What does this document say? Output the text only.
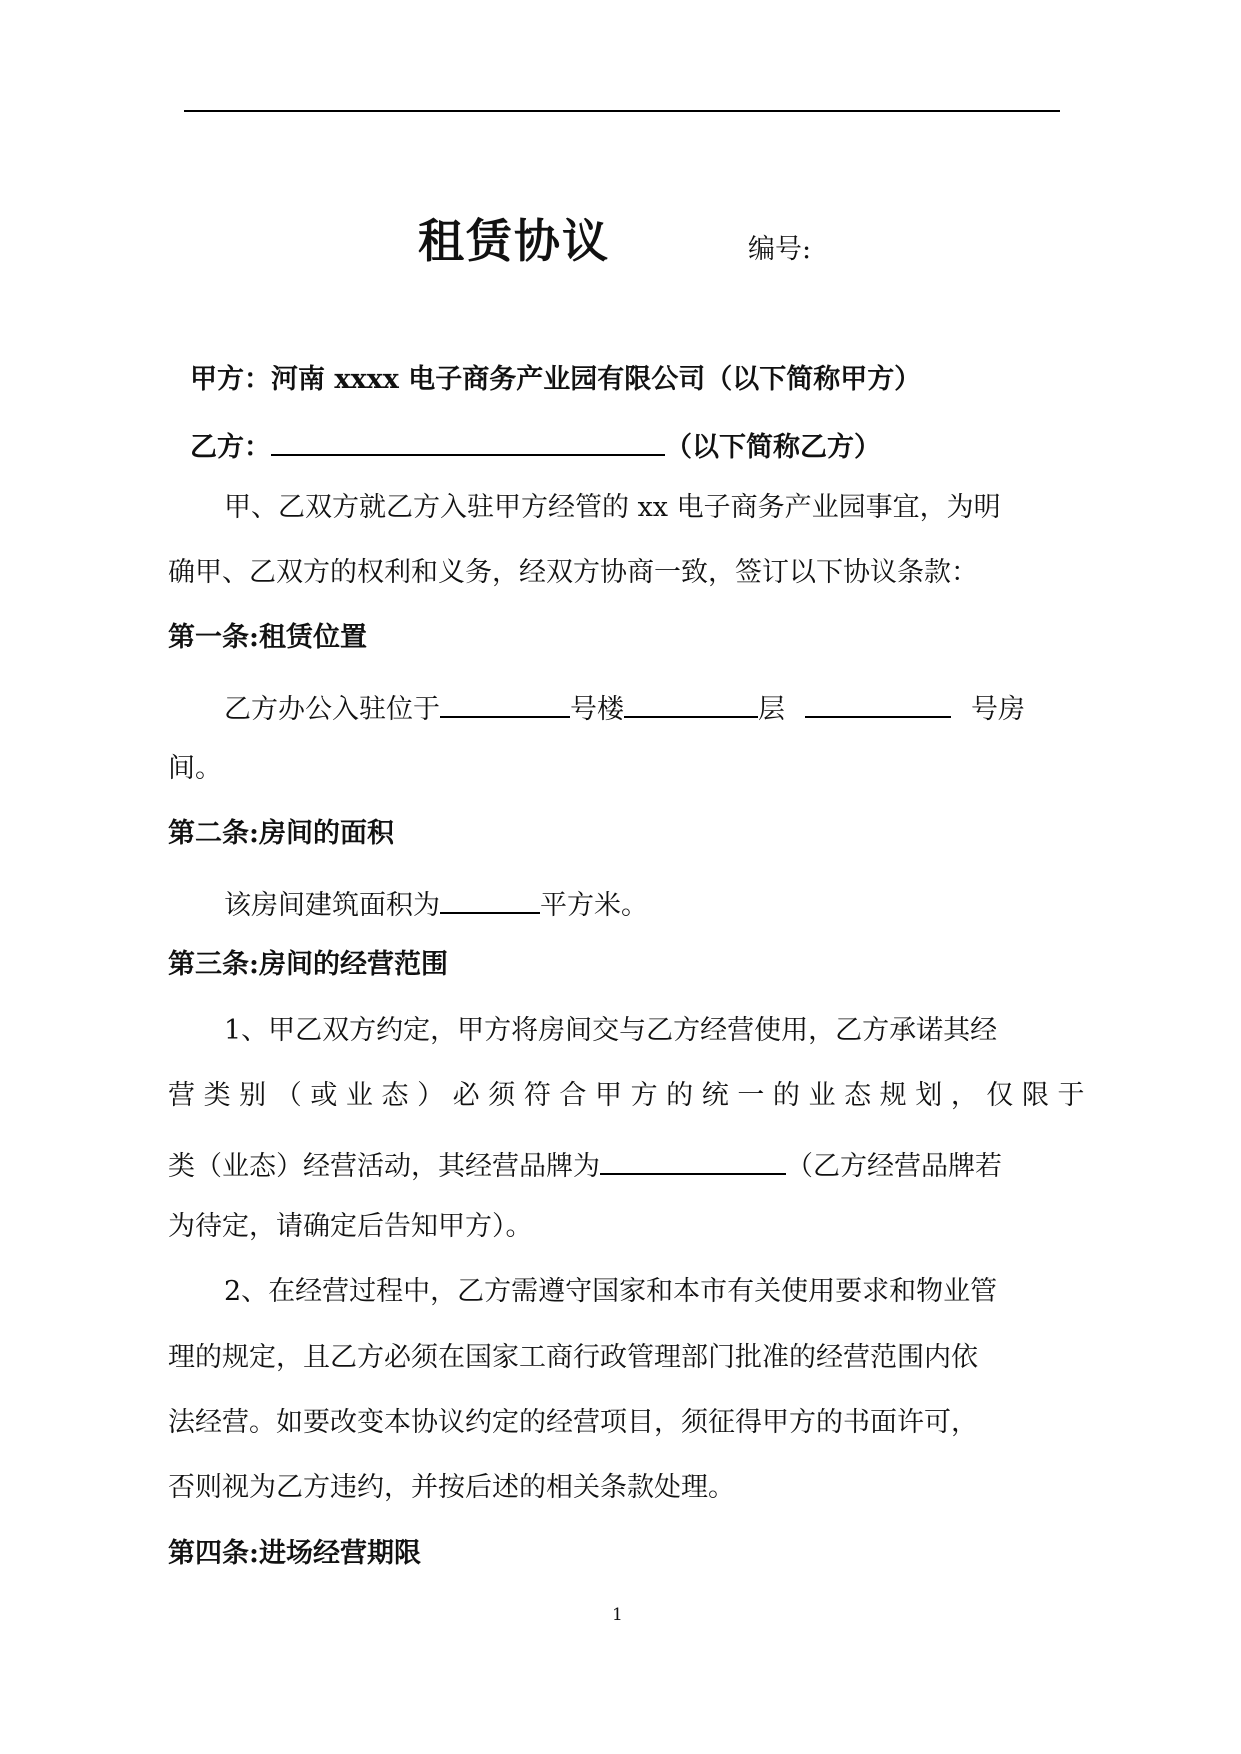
租赁协议	编号:
甲方：河南 xxxx 电子商务产业园有限公司（以下简称甲方）
乙方：	（以下简称乙方）
甲、乙双方就乙方入驻甲方经管的 xx 电子商务产业园事宜，为明
确甲、乙双方的权利和义务，经双方协商一致，签订以下协议条款：
第一条:租赁位置
乙方办公入驻位于	号楼	层	号房
间。
第二条:房间的面积
该房间建筑面积为	平方米。
第三条:房间的经营范围
1、甲乙双方约定，甲方将房间交与乙方经营使用，乙方承诺其经
营 类 别 （ 或 业 态 ） 必 须 符 合 甲 方 的 统 一 的 业 态 规 划 ， 仅 限 于
类（业态）经营活动，其经营品牌为	（乙方经营品牌若
为待定，请确定后告知甲方）。
2、在经营过程中，乙方需遵守国家和本市有关使用要求和物业管
理的规定，且乙方必须在国家工商行政管理部门批准的经营范围内依
法经营。如要改变本协议约定的经营项目，须征得甲方的书面许可，
否则视为乙方违约，并按后述的相关条款处理。
第四条:进场经营期限
1
